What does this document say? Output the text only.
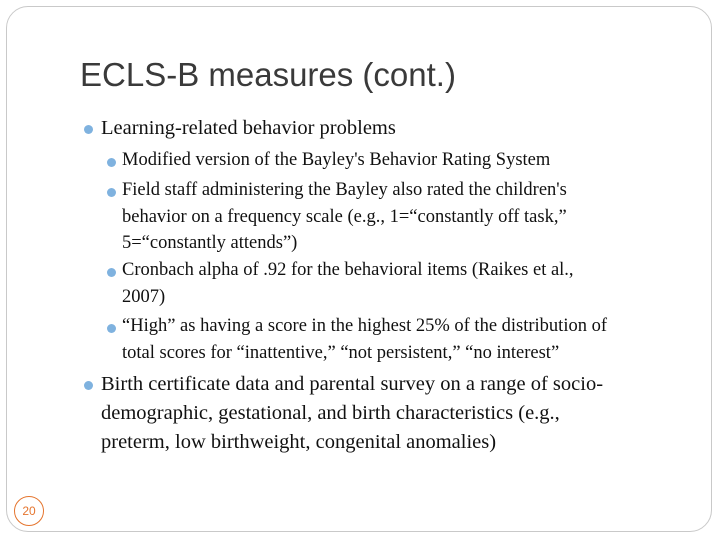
ECLS-B measures (cont.)
Learning-related behavior problems
Modified version of the Bayley's Behavior Rating System
Field staff administering the Bayley also rated the children's
behavior on a frequency scale (e.g., 1=“constantly off task,”
5=“constantly attends”)
Cronbach alpha of .92 for the behavioral items (Raikes et al.,
2007)
“High” as having a score in the highest 25% of the distribution of
total scores for “inattentive,” “not persistent,” “no interest”
Birth certificate data and parental survey on a range of socio-
demographic, gestational, and birth characteristics (e.g.,
preterm, low birthweight, congenital anomalies)
20
